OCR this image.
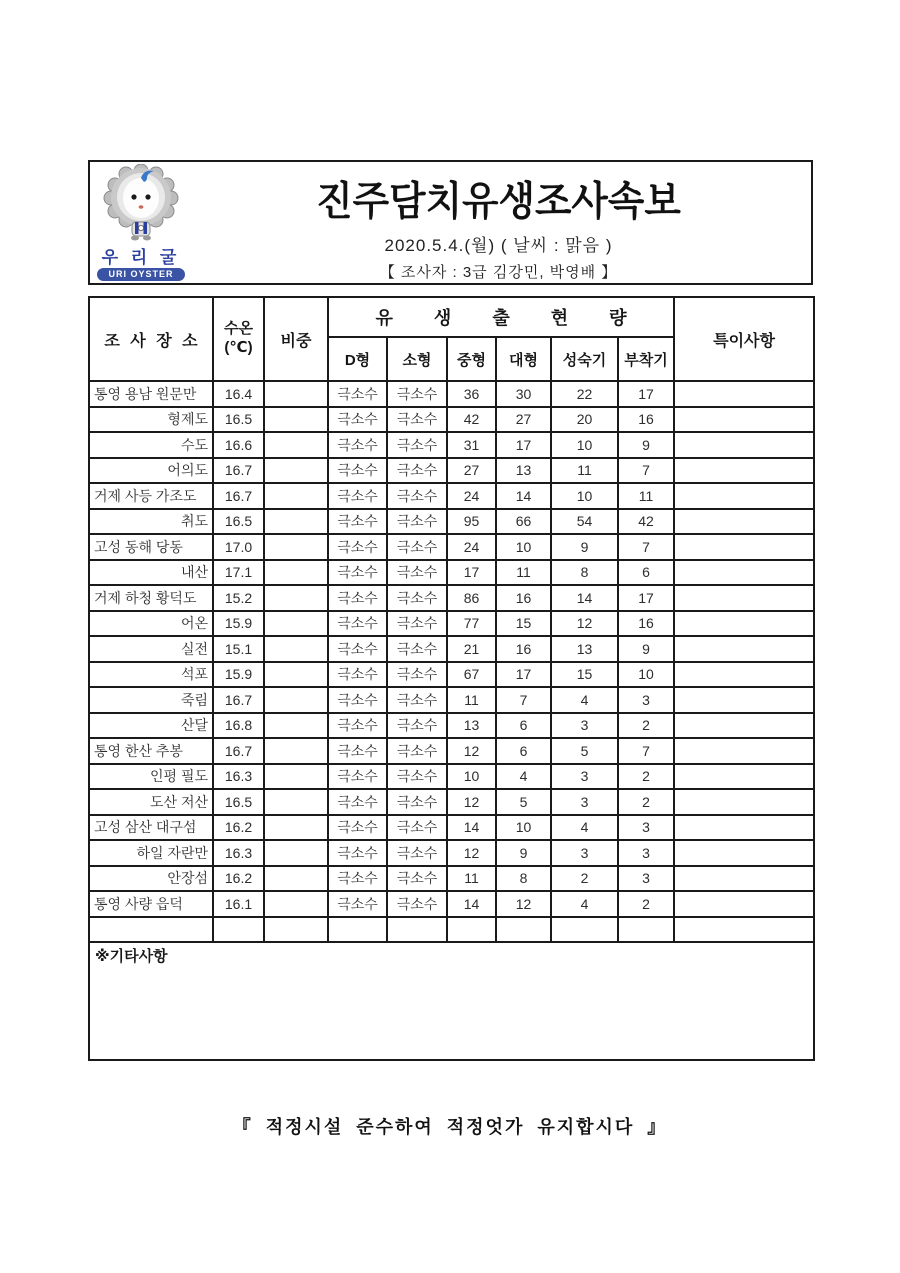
우 리 굴
URI OYSTER
진주담치유생조사속보
2020.5.4.(월) ( 날씨 : 맑음 )
【 조사자 : 3급 김강민, 박영배 】
조 사 장 소	수온
(℃)	비중	유 생 출 현 량						특이사항
			D형	소형	중형	대형	성숙기	부착기	
통영 용남 원문만	16.4		극소수	극소수	36	30	22	17	
형제도	16.5		극소수	극소수	42	27	20	16	
수도	16.6		극소수	극소수	31	17	10	9	
어의도	16.7		극소수	극소수	27	13	11	7	
거제 사등 가조도	16.7		극소수	극소수	24	14	10	11	
취도	16.5		극소수	극소수	95	66	54	42	
고성 동해 당동	17.0		극소수	극소수	24	10	9	7	
내산	17.1		극소수	극소수	17	11	8	6	
거제 하청 황덕도	15.2		극소수	극소수	86	16	14	17	
어온	15.9		극소수	극소수	77	15	12	16	
실전	15.1		극소수	극소수	21	16	13	9	
석포	15.9		극소수	극소수	67	17	15	10	
죽림	16.7		극소수	극소수	11	7	4	3	
산달	16.8		극소수	극소수	13	6	3	2	
통영 한산 추봉	16.7		극소수	극소수	12	6	5	7	
인평 필도	16.3		극소수	극소수	10	4	3	2	
도산 저산	16.5		극소수	극소수	12	5	3	2	
고성 삼산 대구섬	16.2		극소수	극소수	14	10	4	3	
하일 자란만	16.3		극소수	극소수	12	9	3	3	
안장섬	16.2		극소수	극소수	11	8	2	3	
통영 사량 읍덕	16.1		극소수	극소수	14	12	4	2	

※기타사항									
『 적정시설 준수하여 적정엇가 유지합시다 』
